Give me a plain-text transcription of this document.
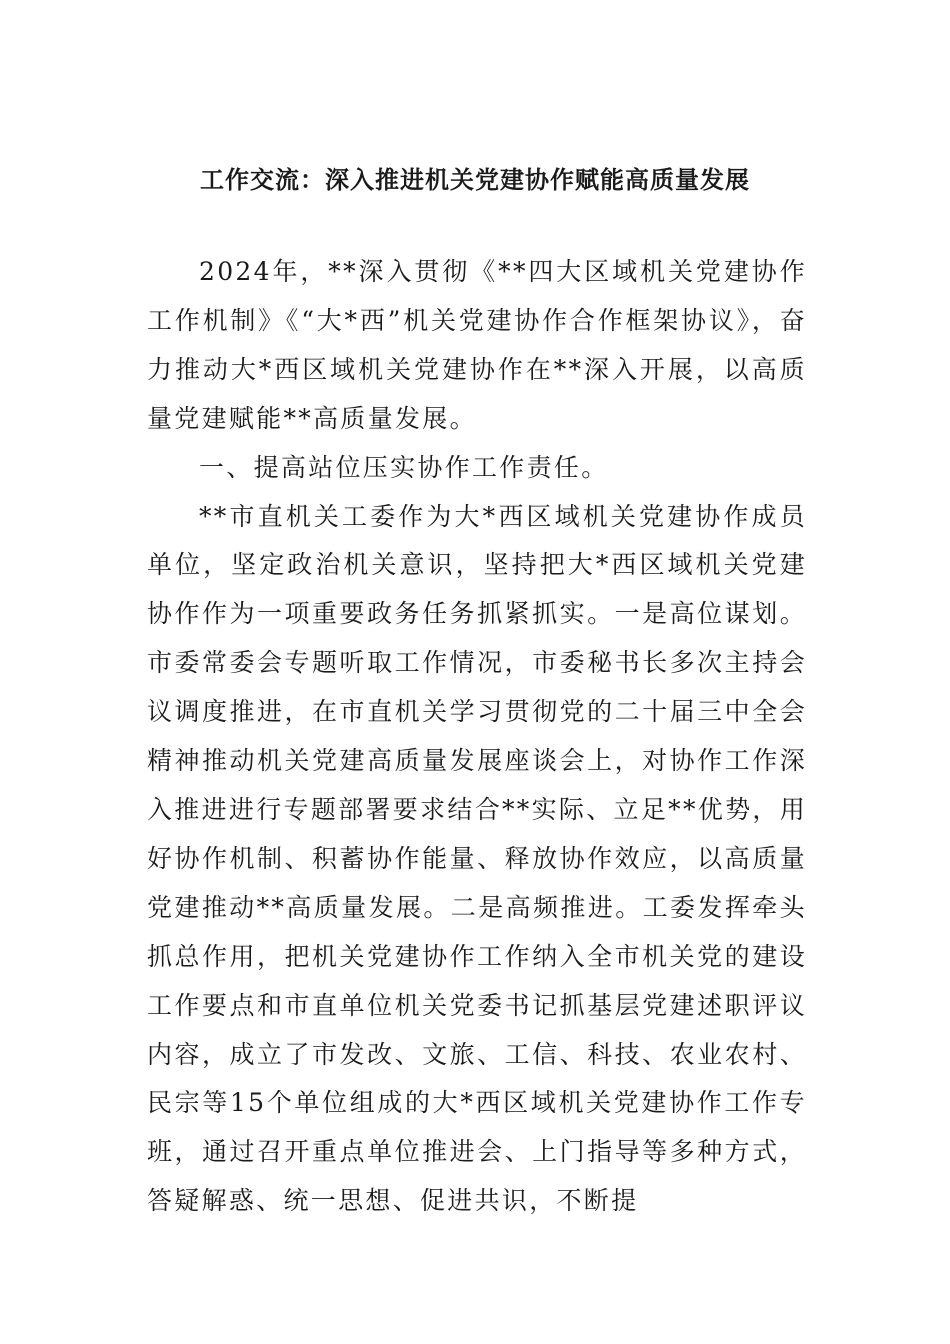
工作交流：深入推进机关党建协作赋能高质量发展

2024年，**深入贯彻《**四大区域机关党建协作工作机制》《“大*西”机关党建协作合作框架协议》，奋力推动大*西区域机关党建协作在**深入开展，以高质量党建赋能**高质量发展。

一、提高站位压实协作工作责任。

**市直机关工委作为大*西区域机关党建协作成员单位，坚定政治机关意识，坚持把大*西区域机关党建协作作为一项重要政务任务抓紧抓实。一是高位谋划。市委常委会专题听取工作情况，市委秘书长多次主持会议调度推进，在市直机关学习贯彻党的二十届三中全会精神推动机关党建高质量发展座谈会上，对协作工作深入推进进行专题部署要求结合**实际、立足**优势，用好协作机制、积蓄协作能量、释放协作效应，以高质量党建推动**高质量发展。二是高频推进。工委发挥牵头抓总作用，把机关党建协作工作纳入全市机关党的建设工作要点和市直单位机关党委书记抓基层党建述职评议内容，成立了市发改、文旅、工信、科技、农业农村、民宗等15个单位组成的大*西区域机关党建协作工作专班，通过召开重点单位推进会、上门指导等多种方式，答疑解惑、统一思想、促进共识，不断提
